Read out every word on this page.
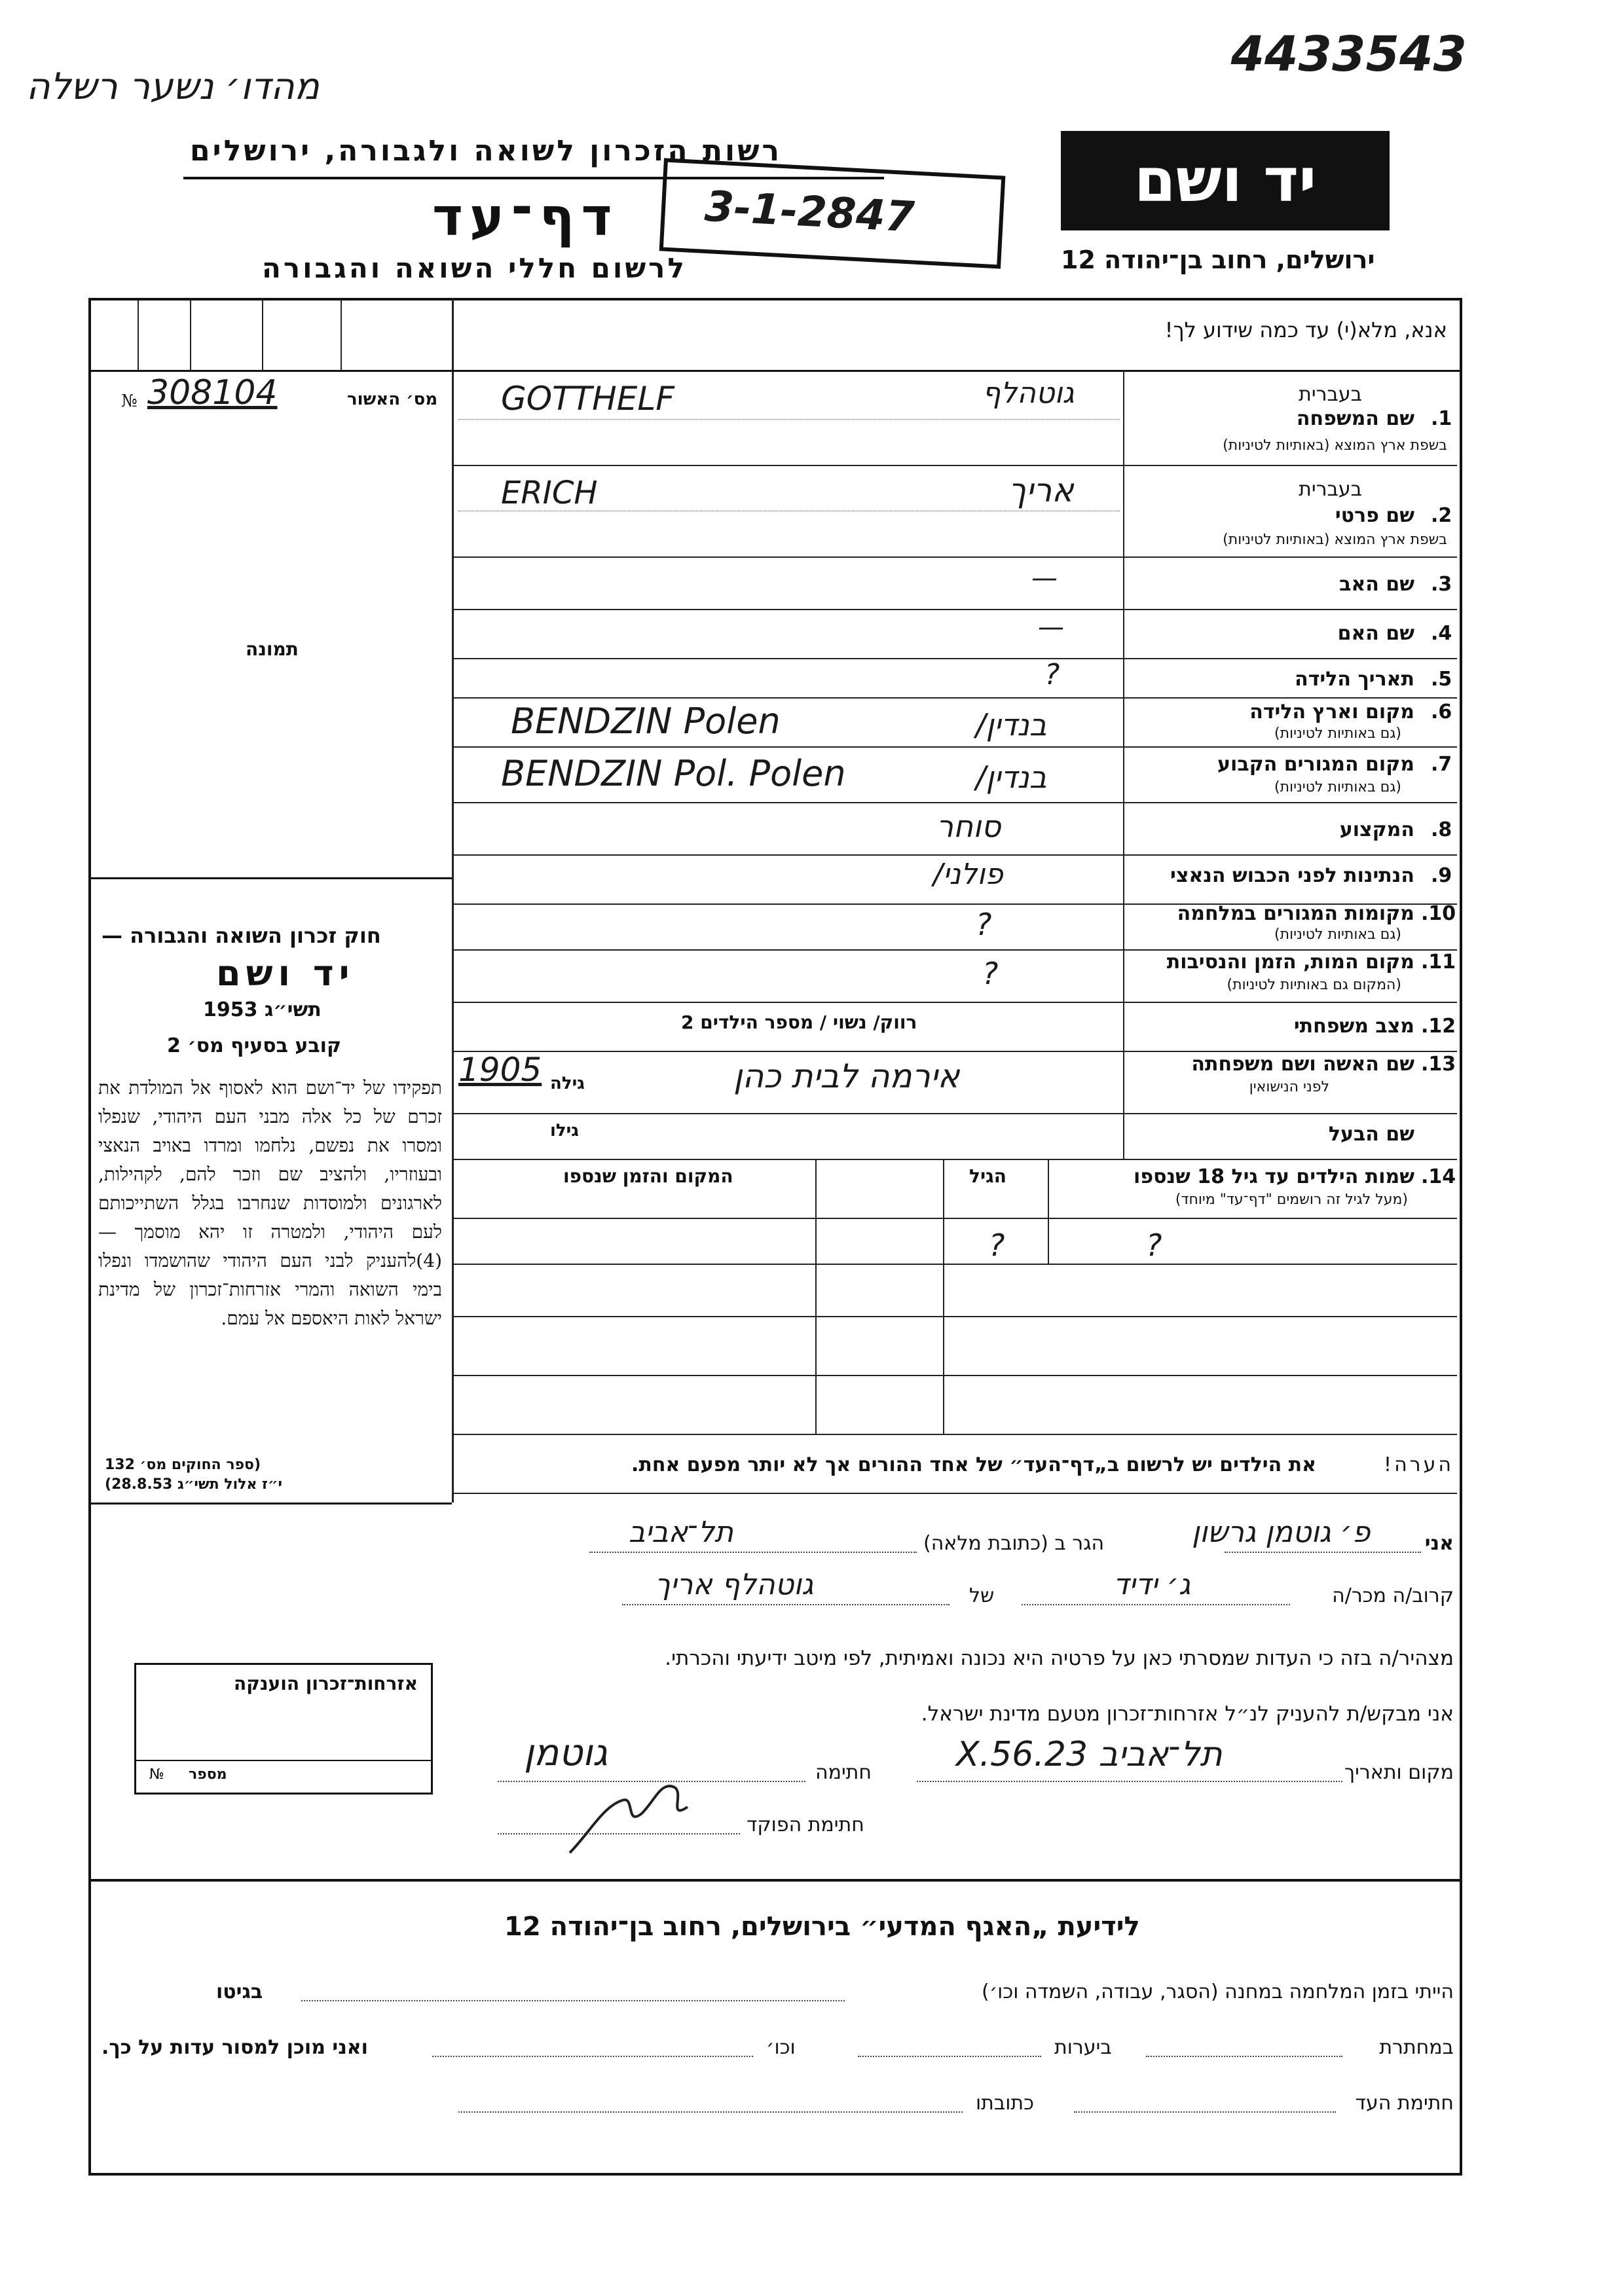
4433543
מהדו׳ נשער רשלה
יד ושם
רשות הזכרון לשואה ולגבורה, ירושלים
דף־עד	3-1-2847
לרשום חללי השואה והגבורה	ירושלים, רחוב בן־יהודה 12
אנא, מלא(י) עד כמה שידוע לך!
מס׳ האשור
№ 308104
תמונה
חוק זכרון השואה והגבורה —
יד ושם
תשי״ג 1953
קובע בסעיף מס׳ 2
תפקידו של יד־ושם הוא לאסוף אל המולדת את זכרם של כל אלה מבני העם היהודי, שנפלו ומסרו את נפשם, נלחמו ומרדו באויב הנאצי ובעוזריו, ולהציב שם וזכר להם, לקהילות, לארגונים ולמוסדות שנחרבו בגלל השתייכותם לעם היהודי, ולמטרה זו יהא מוסמך — (4)להעניק לבני העם היהודי שהושמדו ונפלו בימי השואה והמרי אזרחות־זכרון של מדינת ישראל לאות היאספם אל עמם.
(ספר החוקים מס׳ 132
י״ז אלול תשי״ג 28.8.53)
אזרחות־זכרון הוענקה
מספר
№
1.
שם המשפחה
בשפת ארץ המוצא (באותיות לטיניות)
בעברית
גוטהלף
GOTTHELF
2.
שם פרטי
בשפת ארץ המוצא (באותיות לטיניות)
בעברית
אריך
ERICH
3.
שם האב
—
4.
שם האם
—
5.
תאריך הלידה
?
6.
מקום וארץ הלידה
(גם באותיות לטיניות)
בנדין/
BENDZIN Polen
7.
מקום המגורים הקבוע
(גם באותיות לטיניות)
בנדין/
BENDZIN Pol. Polen
8.
המקצוע
סוחר
9.
הנתינות לפני הכבוש הנאצי
פולני/
10.
מקומות המגורים במלחמה
(גם באותיות לטיניות)
?
11.
מקום המות, הזמן והנסיבות
(המקום גם באותיות לטיניות)
?
12.
מצב משפחתי
רווק/ נשוי / מספר הילדים 2
13.
שם האשה ושם משפחתה
לפני הנישואין
אירמה לבית כהן
גילה
1905
שם הבעל
גילו
14.
שמות הילדים עד גיל 18 שנספו
(מעל לגיל זה רושמים "דף־עד" מיוחד)
הגיל
המקום והזמן שנספו
?
?
הערה!
את הילדים יש לרשום ב„דף־העד״ של אחד ההורים אך לא יותר מפעם אחת.
אני
פ׳ גוטמן גרשון
הגר ב (כתובת מלאה)
תל־אביב
קרוב/ה מכר/ה
ג׳ ידיד
של
גוטהלף אריך
מצהיר/ה בזה כי העדות שמסרתי כאן על פרטיה היא נכונה ואמיתית, לפי מיטב ידיעתי והכרתי.
אני מבקש/ת להעניק לנ״ל אזרחות־זכרון מטעם מדינת ישראל.
מקום ותאריך
תל־אביב 23.X.56
חתימה
גוטמן
חתימת הפוקד
לידיעת „האגף המדעי״ בירושלים, רחוב בן־יהודה 12
הייתי בזמן המלחמה במחנה (הסגר, עבודה, השמדה וכו׳)
בגיטו
במחתרת
ביערות
וכו׳
ואני מוכן למסור עדות על כך.
חתימת העד
כתובתו
